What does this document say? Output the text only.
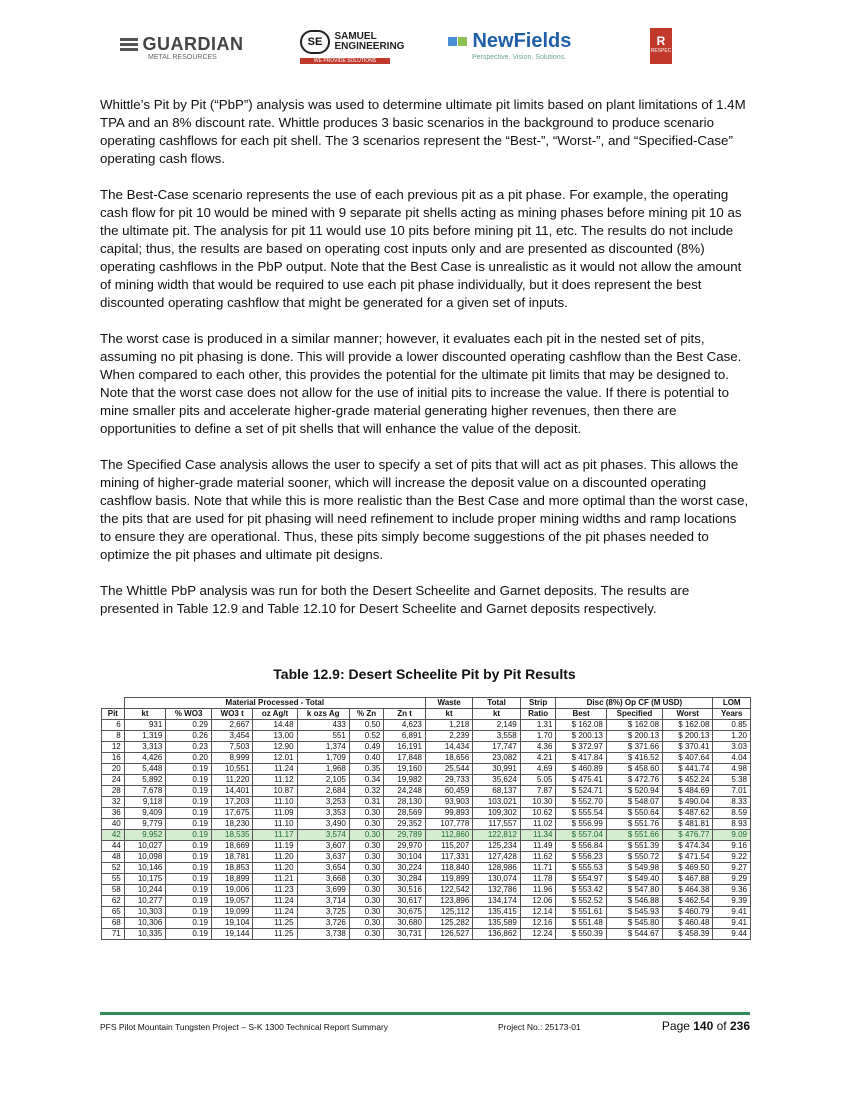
GUARDIAN
METAL RESOURCES
SE SAMUEL
ENGINEERING
WE PROVIDE SOLUTIONS
NewFields
Perspective. Vision. Solutions.
R
RESPEC

Whittle’s Pit by Pit (“PbP”) analysis was used to determine ultimate pit limits based on plant limitations of 1.4M TPA and an 8% discount rate. Whittle produces 3 basic scenarios in the background to produce scenario operating cashflows for each pit shell. The 3 scenarios represent the “Best-”, “Worst-”, and “Specified-Case” operating cash flows.

The Best-Case scenario represents the use of each previous pit as a pit phase. For example, the operating cash flow for pit 10 would be mined with 9 separate pit shells acting as mining phases before mining pit 10 as the ultimate pit. The analysis for pit 11 would use 10 pits before mining pit 11, etc. The results do not include capital; thus, the results are based on operating cost inputs only and are presented as discounted (8%) operating cashflows in the PbP output. Note that the Best Case is unrealistic as it would not allow the amount of mining width that would be required to use each pit phase individually, but it does represent the best discounted operating cashflow that might be generated for a given set of inputs.

The worst case is produced in a similar manner; however, it evaluates each pit in the nested set of pits, assuming no pit phasing is done. This will provide a lower discounted operating cashflow than the Best Case. When compared to each other, this provides the potential for the ultimate pit limits that may be designed to. Note that the worst case does not allow for the use of initial pits to increase the value. If there is potential to mine smaller pits and accelerate higher-grade material generating higher revenues, then there are opportunities to define a set of pit shells that will enhance the value of the deposit.

The Specified Case analysis allows the user to specify a set of pits that will act as pit phases. This allows the mining of higher-grade material sooner, which will increase the deposit value on a discounted operating cashflow basis. Note that while this is more realistic than the Best Case and more optimal than the worst case, the pits that are used for pit phasing will need refinement to include proper mining widths and ramp locations to ensure they are operational. Thus, these pits simply become suggestions of the pit phases needed to optimize the pit phases and ultimate pit designs.

The Whittle PbP analysis was run for both the Desert Scheelite and Garnet deposits. The results are presented in Table 12.9 and Table 12.10 for Desert Scheelite and Garnet deposits respectively.

Table 12.9: Desert Scheelite Pit by Pit Results
	Material Processed - Total							Waste	Total	Strip	Disc (8%) Op CF (M USD)			LOM
Pit	kt	% WO3	WO3 t	oz Ag/t	k ozs Ag	% Zn	Zn t	kt	kt	Ratio	Best	Specified	Worst	Years
6	931	0.29	2,667	14.48	433	0.50	4,623	1,218	2,149	1.31	$ 162.08	$ 162.08	$ 162.08	0.85
8	1,319	0.26	3,454	13.00	551	0.52	6,891	2,239	3,558	1.70	$ 200.13	$ 200.13	$ 200.13	1.20
12	3,313	0.23	7,503	12.90	1,374	0.49	16,191	14,434	17,747	4.36	$ 372.97	$ 371.66	$ 370.41	3.03
16	4,426	0.20	8,999	12.01	1,709	0.40	17,848	18,656	23,082	4.21	$ 417.84	$ 416.52	$ 407.64	4.04
20	5,448	0.19	10,551	11.24	1,968	0.35	19,160	25,544	30,991	4.69	$ 460.89	$ 458.60	$ 441.74	4.98
24	5,892	0.19	11,220	11.12	2,105	0.34	19,982	29,733	35,624	5.05	$ 475.41	$ 472.76	$ 452.24	5.38
28	7,678	0.19	14,401	10.87	2,684	0.32	24,248	60,459	68,137	7.87	$ 524.71	$ 520.94	$ 484.69	7.01
32	9,118	0.19	17,203	11.10	3,253	0.31	28,130	93,903	103,021	10.30	$ 552.70	$ 548.07	$ 490.04	8.33
36	9,409	0.19	17,675	11.09	3,353	0.30	28,569	99,893	109,302	10.62	$ 555.54	$ 550.64	$ 487.62	8.59
40	9,779	0.19	18,230	11.10	3,490	0.30	29,352	107,778	117,557	11.02	$ 556.99	$ 551.76	$ 481.81	8.93
42	9,952	0.19	18,535	11.17	3,574	0.30	29,789	112,860	122,812	11.34	$ 557.04	$ 551.66	$ 476.77	9.09
44	10,027	0.19	18,669	11.19	3,607	0.30	29,970	115,207	125,234	11.49	$ 556.84	$ 551.39	$ 474.34	9.16
48	10,098	0.19	18,781	11.20	3,637	0.30	30,104	117,331	127,428	11.62	$ 556.23	$ 550.72	$ 471.54	9.22
52	10,146	0.19	18,853	11.20	3,654	0.30	30,224	118,840	128,986	11.71	$ 555.53	$ 549.98	$ 469.50	9.27
55	10,175	0.19	18,899	11.21	3,668	0.30	30,284	119,899	130,074	11.78	$ 554.97	$ 549.40	$ 467.88	9.29
58	10,244	0.19	19,006	11.23	3,699	0.30	30,516	122,542	132,786	11.96	$ 553.42	$ 547.80	$ 464.38	9.36
62	10,277	0.19	19,057	11.24	3,714	0.30	30,617	123,896	134,174	12.06	$ 552.52	$ 546.88	$ 462.54	9.39
65	10,303	0.19	19,099	11.24	3,725	0.30	30,675	125,112	135,415	12.14	$ 551.61	$ 545.93	$ 460.79	9.41
68	10,306	0.19	19,104	11.25	3,726	0.30	30,680	125,282	135,589	12.16	$ 551.48	$ 545.80	$ 460.48	9.41
71	10,335	0.19	19,144	11.25	3,738	0.30	30,731	126,527	136,862	12.24	$ 550.39	$ 544.67	$ 458.39	9.44
PFS Pilot Mountain Tungsten Project – S-K 1300 Technical Report Summary	Project No.: 25173-01	Page 140 of 236
